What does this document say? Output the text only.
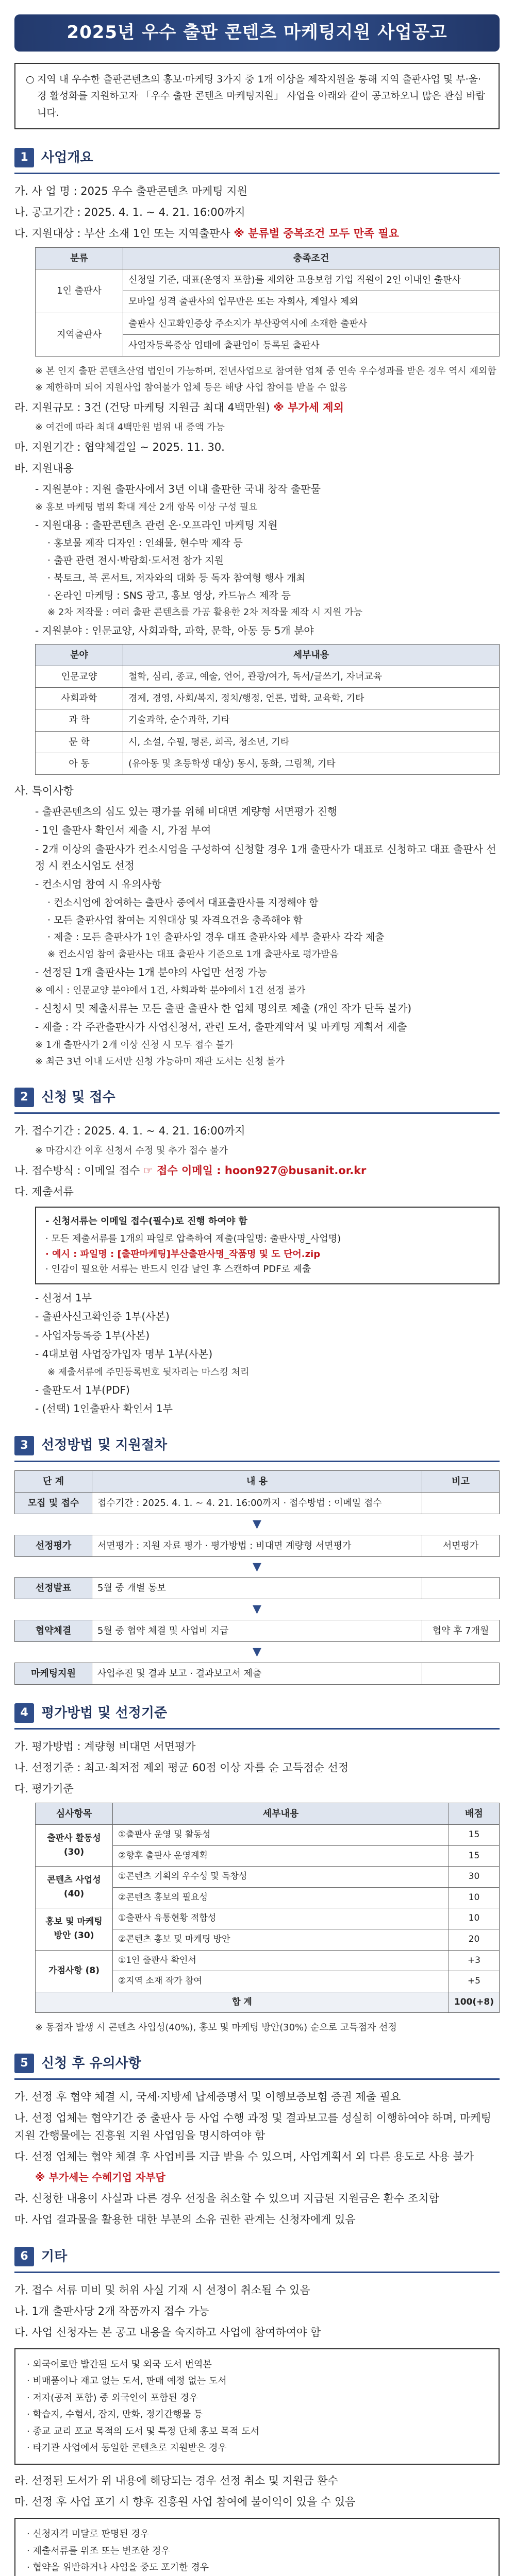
2025년 우수 출판 콘텐츠 마케팅지원 사업공고
○ 지역 내 우수한 출판콘텐츠의 홍보·마케팅 3가지 중 1개 이상을 제작지원을 통해 지역 출판사업 및 부·울·경 활성화를 지원하고자 「우수 출판 콘텐츠 마케팅지원」 사업을 아래와 같이 공고하오니 많은 관심 바랍니다.
1 사업개요
가. 사 업 명 : 2025 우수 출판콘텐츠 마케팅 지원
나. 공고기간 : 2025. 4. 1. ~ 4. 21. 16:00까지
다. 지원대상 : 부산 소재 1인 또는 지역출판사 ※ 분류별 중복조건 모두 만족 필요
분류	충족조건
1인 출판사	신청일 기준, 대표(운영자 포함)를 제외한 고용보험 가입 직원이 2인 이내인 출판사
	모바일 성격 출판사의 업무만은 또는 자회사, 계열사 제외
지역출판사	출판사 신고확인증상 주소지가 부산광역시에 소재한 출판사
	사업자등록증상 업태에 출판업이 등록된 출판사
※ 본 인지 출판 콘텐츠산업 법인이 가능하며, 전년사업으로 참여한 업체 중 연속 우수성과를 받은 경우 역시 제외함
※ 제한하며 되어 지원사업 참여불가 업체 등은 해당 사업 참여를 받을 수 없음
라. 지원규모 : 3건 (건당 마케팅 지원금 최대 4백만원) ※ 부가세 제외
※ 여건에 따라 최대 4백만원 범위 내 증액 가능
마. 지원기간 : 협약체결일 ~ 2025. 11. 30.
바. 지원내용
- 지원분야 : 지원 출판사에서 3년 이내 출판한 국내 창작 출판물
※ 홍보 마케팅 범위 확대 계산 2개 항목 이상 구성 필요
- 지원대용 : 출판콘텐츠 관련 온·오프라인 마케팅 지원
· 홍보물 제작 디자인 : 인쇄물, 현수막 제작 등
· 출판 관련 전시·박람회·도서전 참가 지원
· 북토크, 북 콘서트, 저자와의 대화 등 독자 참여형 행사 개최
· 온라인 마케팅 : SNS 광고, 홍보 영상, 카드뉴스 제작 등
※ 2차 저작물 : 여러 출판 콘텐츠를 가공 활용한 2차 저작물 제작 시 지원 가능
- 지원분야 : 인문교양, 사회과학, 과학, 문학, 아동 등 5개 분야
분야	세부내용
인문교양	철학, 심리, 종교, 예술, 언어, 관광/여가, 독서/글쓰기, 자녀교육
사회과학	경제, 경영, 사회/복지, 정치/행정, 언론, 법학, 교육학, 기타
과 학	기술과학, 순수과학, 기타
문 학	시, 소설, 수필, 평론, 희곡, 청소년, 기타
아 동	(유아동 및 초등학생 대상) 동시, 동화, 그림책, 기타
사. 특이사항
- 출판콘텐츠의 심도 있는 평가를 위해 비대면 계량형 서면평가 진행
- 1인 출판사 확인서 제출 시, 가점 부여
- 2개 이상의 출판사가 컨소시엄을 구성하여 신청할 경우 1개 출판사가 대표로 신청하고 대표 출판사 선정 시 컨소시엄도 선정
- 컨소시엄 참여 시 유의사항
· 컨소시엄에 참여하는 출판사 중에서 대표출판사를 지정해야 함
· 모든 출판사업 참여는 지원대상 및 자격요건을 충족해야 함
· 제출 : 모든 출판사가 1인 출판사일 경우 대표 출판사와 세부 출판사 각각 제출
※ 컨소시엄 참여 출판사는 대표 출판사 기준으로 1개 출판사로 평가받음
- 선정된 1개 출판사는 1개 분야의 사업만 선정 가능
※ 예시 : 인문교양 분야에서 1건, 사회과학 분야에서 1건 선정 불가
- 신청서 및 제출서류는 모든 출판 출판사 한 업체 명의로 제출 (개인 작가 단독 불가)
- 제출 : 각 주관출판사가 사업신청서, 관련 도서, 출판계약서 및 마케팅 계획서 제출
※ 1개 출판사가 2개 이상 신청 시 모두 접수 불가
※ 최근 3년 이내 도서만 신청 가능하며 재판 도서는 신청 불가
2 신청 및 접수
가. 접수기간 : 2025. 4. 1. ~ 4. 21. 16:00까지
※ 마감시간 이후 신청서 수정 및 추가 접수 불가
나. 접수방식 : 이메일 접수 ☞ 접수 이메일 : hoon927@busanit.or.kr
다. 제출서류
- 신청서류는 이메일 접수(필수)로 진행 하여야 함
· 모든 제출서류를 1개의 파일로 압축하여 제출(파일명: 출판사명_사업명)
· 예시 : 파일명 : [출판마케팅]부산출판사명_작품명 및 도 단어.zip
· 인감이 필요한 서류는 반드시 인감 날인 후 스캔하여 PDF로 제출
- 신청서 1부
- 출판사신고확인증 1부(사본)
- 사업자등록증 1부(사본)
- 4대보험 사업장가입자 명부 1부(사본)
※ 제출서류에 주민등록번호 뒷자리는 마스킹 처리
- 출판도서 1부(PDF)
- (선택) 1인출판사 확인서 1부
3 선정방법 및 지원절차
단 계	내 용	비고
모집 및 접수	접수기간 : 2025. 4. 1. ~ 4. 21. 16:00까지 · 접수방법 : 이메일 접수	
▼		
선정평가	서면평가 : 지원 자료 평가 · 평가방법 : 비대면 계량형 서면평가	서면평가
▼		
선정발표	5월 중 개별 통보	
▼		
협약체결	5월 중 협약 체결 및 사업비 지급	협약 후 7개월
▼		
마케팅지원	사업추진 및 결과 보고 · 결과보고서 제출	
4 평가방법 및 선정기준
가. 평가방법 : 계량형 비대면 서면평가
나. 선정기준 : 최고·최저점 제외 평균 60점 이상 자를 순 고득점순 선정
다. 평가기준
심사항목	세부내용	배점
출판사 활동성 (30)	①출판사 운영 및 활동성	15
	②향후 출판사 운영계획	15
콘텐츠 사업성 (40)	①콘텐츠 기획의 우수성 및 독창성	30
	②콘텐츠 홍보의 필요성	10
홍보 및 마케팅 방안 (30)	①출판사 유통현황 적합성	10
	②콘텐츠 홍보 및 마케팅 방안	20
가점사항 (8)	①1인 출판사 확인서	+3
	②지역 소재 작가 참여	+5
합 계		100(+8)
※ 동점자 발생 시 콘텐츠 사업성(40%), 홍보 및 마케팅 방안(30%) 순으로 고득점자 선정
5 신청 후 유의사항
가. 선정 후 협약 체결 시, 국세·지방세 납세증명서 및 이행보증보험 증권 제출 필요
나. 선정 업체는 협약기간 중 출판사 등 사업 수행 과정 및 결과보고를 성실히 이행하여야 하며, 마케팅 지원 간행물에는 진흥원 지원 사업임을 명시하여야 함
다. 선정 업체는 협약 체결 후 사업비를 지급 받을 수 있으며, 사업계획서 외 다른 용도로 사용 불가
※ 부가세는 수혜기업 자부담
라. 신청한 내용이 사실과 다른 경우 선정을 취소할 수 있으며 지급된 지원금은 환수 조치함
마. 사업 결과물을 활용한 대한 부분의 소유 권한 관계는 신청자에게 있음
6 기타
가. 접수 서류 미비 및 허위 사실 기재 시 선정이 취소될 수 있음
나. 1개 출판사당 2개 작품까지 접수 가능
다. 사업 신청자는 본 공고 내용을 숙지하고 사업에 참여하여야 함
· 외국어로만 발간된 도서 및 외국 도서 번역본
· 비매품이나 재고 없는 도서, 판매 예정 없는 도서
· 저자(공저 포함) 중 외국인이 포함된 경우
· 학습지, 수험서, 잡지, 만화, 정기간행물 등
· 종교 교리 포교 목적의 도서 및 특정 단체 홍보 목적 도서
· 타기관 사업에서 동일한 콘텐츠로 지원받은 경우
라. 선정된 도서가 위 내용에 해당되는 경우 선정 취소 및 지원금 환수
마. 선정 후 사업 포기 시 향후 진흥원 사업 참여에 불이익이 있을 수 있음
· 신청자격 미달로 판명된 경우
· 제출서류를 위조 또는 변조한 경우
· 협약을 위반하거나 사업을 중도 포기한 경우
